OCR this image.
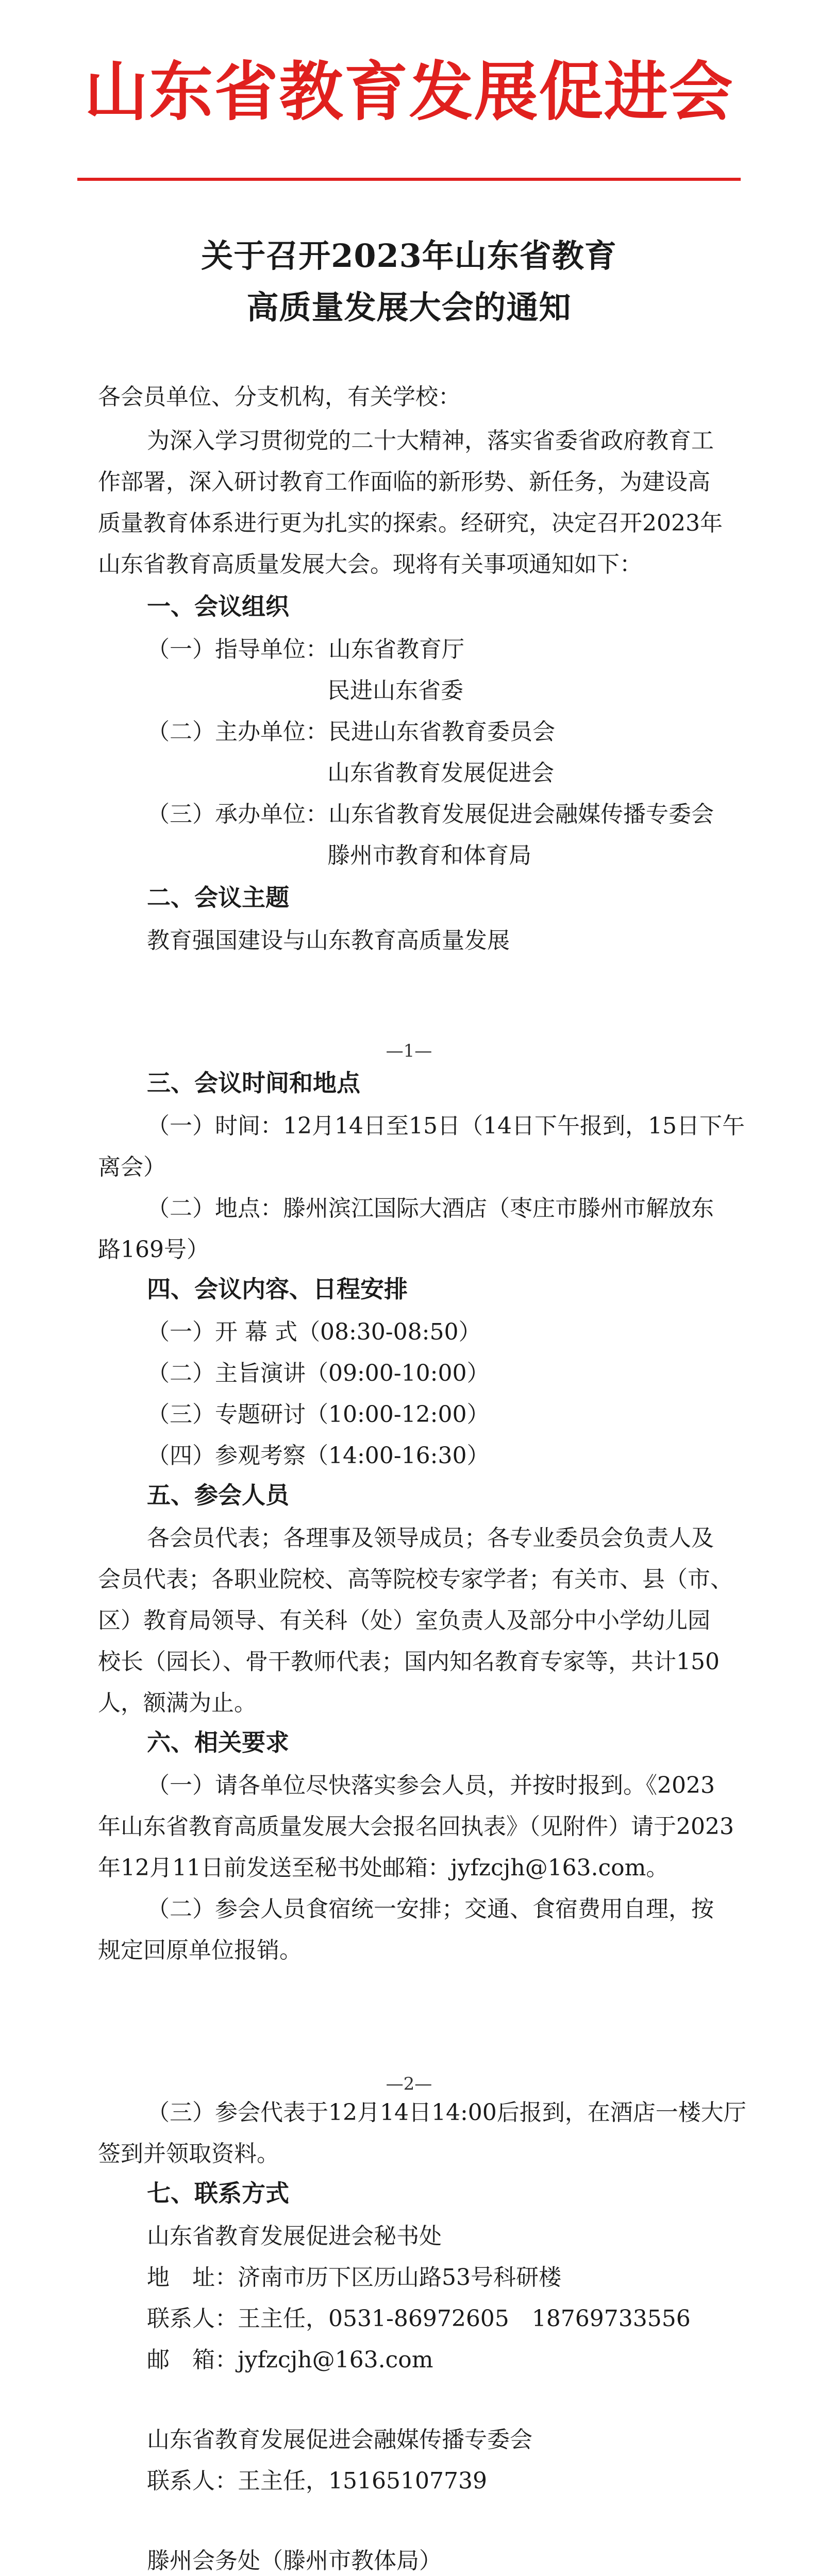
山东省教育发展促进会
关于召开2023年山东省教育
高质量发展大会的通知
各会员单位、分支机构，有关学校：
为深入学习贯彻党的二十大精神，落实省委省政府教育工
作部署，深入研讨教育工作面临的新形势、新任务，为建设高
质量教育体系进行更为扎实的探索。经研究，决定召开2023年
山东省教育高质量发展大会。现将有关事项通知如下：
一、会议组织
（一）指导单位：山东省教育厅
民进山东省委
（二）主办单位：民进山东省教育委员会
山东省教育发展促进会
（三）承办单位：山东省教育发展促进会融媒传播专委会
滕州市教育和体育局
二、会议主题
教育强国建设与山东教育高质量发展
—1—
三、会议时间和地点
（一）时间：12月14日至15日（14日下午报到，15日下午
离会）
（二）地点：滕州滨江国际大酒店（枣庄市滕州市解放东
路169号）
四、会议内容、日程安排
（一）开 幕 式（08:30-08:50）
（二）主旨演讲（09:00-10:00）
（三）专题研讨（10:00-12:00）
（四）参观考察（14:00-16:30）
五、参会人员
各会员代表；各理事及领导成员；各专业委员会负责人及
会员代表；各职业院校、高等院校专家学者；有关市、县（市、
区）教育局领导、有关科（处）室负责人及部分中小学幼儿园
校长（园长）、骨干教师代表；国内知名教育专家等，共计150
人，额满为止。
六、相关要求
（一）请各单位尽快落实参会人员，并按时报到。《2023
年山东省教育高质量发展大会报名回执表》（见附件）请于2023
年12月11日前发送至秘书处邮箱：jyfzcjh@163.com。
（二）参会人员食宿统一安排；交通、食宿费用自理，按
规定回原单位报销。
—2—
（三）参会代表于12月14日14:00后报到，在酒店一楼大厅
签到并领取资料。
七、联系方式
山东省教育发展促进会秘书处
地　址：济南市历下区历山路53号科研楼
联系人：王主任，0531-86972605　18769733556
邮　箱：jyfzcjh@163.com
山东省教育发展促进会融媒传播专委会
联系人：王主任，15165107739
滕州会务处（滕州市教体局）
